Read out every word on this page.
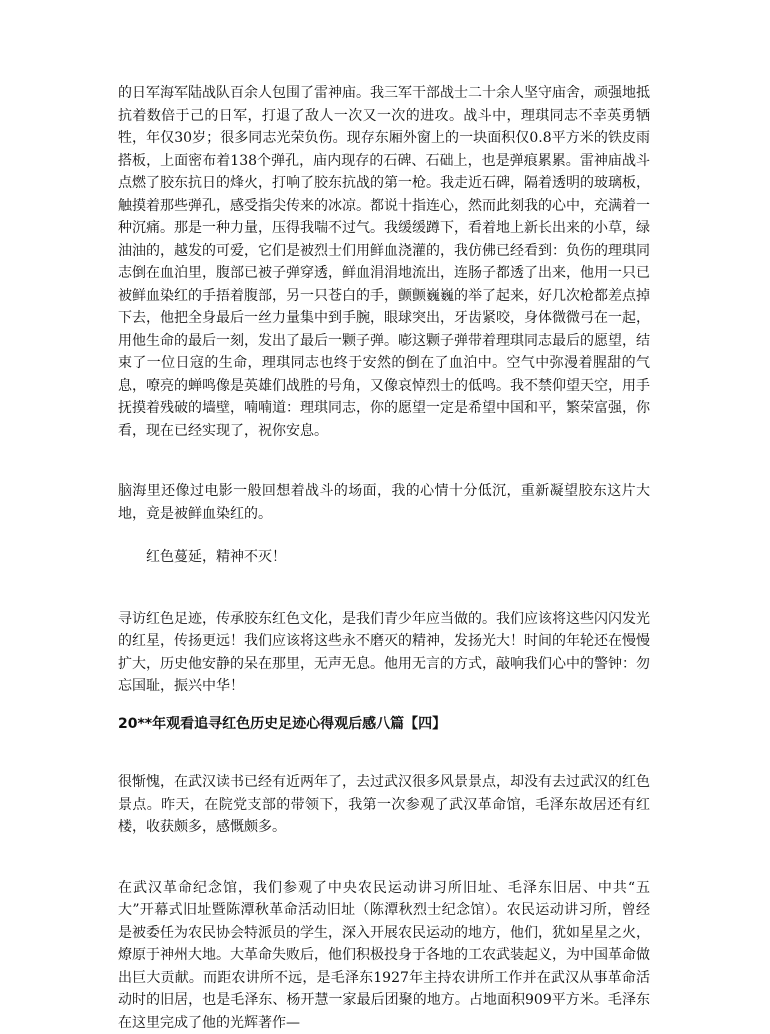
的日军海军陆战队百余人包围了雷神庙。我三军干部战士二十余人坚守庙舍，顽强地抵抗着数倍于己的日军，打退了敌人一次又一次的进攻。战斗中，理琪同志不幸英勇牺牲，年仅30岁；很多同志光荣负伤。现存东厢外窗上的一块面积仅0.8平方米的铁皮雨搭板，上面密布着138个弹孔，庙内现存的石碑、石础上，也是弹痕累累。雷神庙战斗点燃了胶东抗日的烽火，打响了胶东抗战的第一枪。我走近石碑，隔着透明的玻璃板，触摸着那些弹孔，感受指尖传来的冰凉。都说十指连心，然而此刻我的心中，充满着一种沉痛。那是一种力量，压得我喘不过气。我缓缓蹲下，看着地上新长出来的小草，绿油油的，越发的可爱，它们是被烈士们用鲜血浇灌的，我仿佛已经看到：负伤的理琪同志倒在血泊里，腹部已被子弹穿透，鲜血涓涓地流出，连肠子都透了出来，他用一只已被鲜血染红的手捂着腹部，另一只苍白的手，颤颤巍巍的举了起来，好几次枪都差点掉下去，他把全身最后一丝力量集中到手腕，眼球突出，牙齿紧咬，身体微微弓在一起，用他生命的最后一刻，发出了最后一颗子弹。嘭这颗子弹带着理琪同志最后的愿望，结束了一位日寇的生命，理琪同志也终于安然的倒在了血泊中。空气中弥漫着腥甜的气息，嘹亮的蝉鸣像是英雄们战胜的号角，又像哀悼烈士的低鸣。我不禁仰望天空，用手抚摸着残破的墙壁，喃喃道：理琪同志，你的愿望一定是希望中国和平，繁荣富强，你看，现在已经实现了，祝你安息。

脑海里还像过电影一般回想着战斗的场面，我的心情十分低沉，重新凝望胶东这片大地，竟是被鲜血染红的。

红色蔓延，精神不灭！

寻访红色足迹，传承胶东红色文化，是我们青少年应当做的。我们应该将这些闪闪发光的红星，传扬更远！我们应该将这些永不磨灭的精神，发扬光大！时间的年轮还在慢慢扩大，历史他安静的呆在那里，无声无息。他用无言的方式，敲响我们心中的警钟：勿忘国耻，振兴中华！

20**年观看追寻红色历史足迹心得观后感八篇【四】

很惭愧，在武汉读书已经有近两年了，去过武汉很多风景景点，却没有去过武汉的红色景点。昨天，在院党支部的带领下，我第一次参观了武汉革命馆，毛泽东故居还有红楼，收获颇多，感慨颇多。

在武汉革命纪念馆，我们参观了中央农民运动讲习所旧址、毛泽东旧居、中共“五大”开幕式旧址暨陈潭秋革命活动旧址（陈潭秋烈士纪念馆）。农民运动讲习所，曾经是被委任为农民协会特派员的学生，深入开展农民运动的地方，他们，犹如星星之火，燎原于神州大地。大革命失败后，他们积极投身于各地的工农武装起义，为中国革命做出巨大贡献。而距农讲所不远，是毛泽东1927年主持农讲所工作并在武汉从事革命活动时的旧居，也是毛泽东、杨开慧一家最后团聚的地方。占地面积909平方米。毛泽东在这里完成了他的光辉著作—
